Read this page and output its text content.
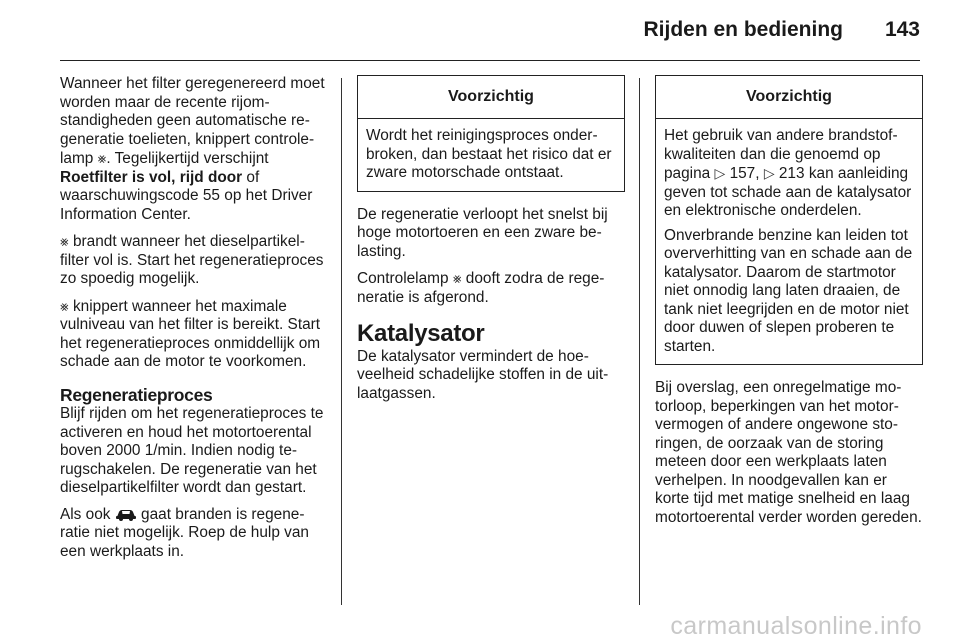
Rijden en bediening 143

Wanneer het filter geregenereerd moet worden maar de recente rijomstandigheden geen automatische regeneratie toelieten, knippert controlelamp ⨳. Tegelijkertijd verschijnt Roetfilter is vol, rijd door of waarschuwingscode 55 op het Driver Information Center.

⨳ brandt wanneer het dieselpartikelfilter vol is. Start het regeneratieproces zo spoedig mogelijk.

⨳ knippert wanneer het maximale vulniveau van het filter is bereikt. Start het regeneratieproces onmiddellijk om schade aan de motor te voorkomen.

Regeneratieproces

Blijf rijden om het regeneratieproces te activeren en houd het motortoerental boven 2000 1/min. Indien nodig terugschakelen. De regeneratie van het dieselpartikelfilter wordt dan gestart.

Als ook  gaat branden is regeneratie niet mogelijk. Roep de hulp van een werkplaats in.

Voorzichtig

Wordt het reinigingsproces onderbroken, dan bestaat het risico dat er zware motorschade ontstaat.

De regeneratie verloopt het snelst bij hoge motortoeren en een zware belasting.

Controlelamp ⨳ dooft zodra de regeneratie is afgerond.

Katalysator

De katalysator vermindert de hoeveelheid schadelijke stoffen in de uitlaatgassen.

Voorzichtig

Het gebruik van andere brandstofkwaliteiten dan die genoemd op pagina ▷ 157, ▷ 213 kan aanleiding geven tot schade aan de katalysator en elektronische onderdelen.

Onverbrande benzine kan leiden tot oververhitting van en schade aan de katalysator. Daarom de startmotor niet onnodig lang laten draaien, de tank niet leegrijden en de motor niet door duwen of slepen proberen te starten.

Bij overslag, een onregelmatige motorloop, beperkingen van het motorvermogen of andere ongewone storingen, de oorzaak van de storing meteen door een werkplaats laten verhelpen. In noodgevallen kan er korte tijd met matige snelheid en laag motortoerental verder worden gereden.

carmanualsonline.info
